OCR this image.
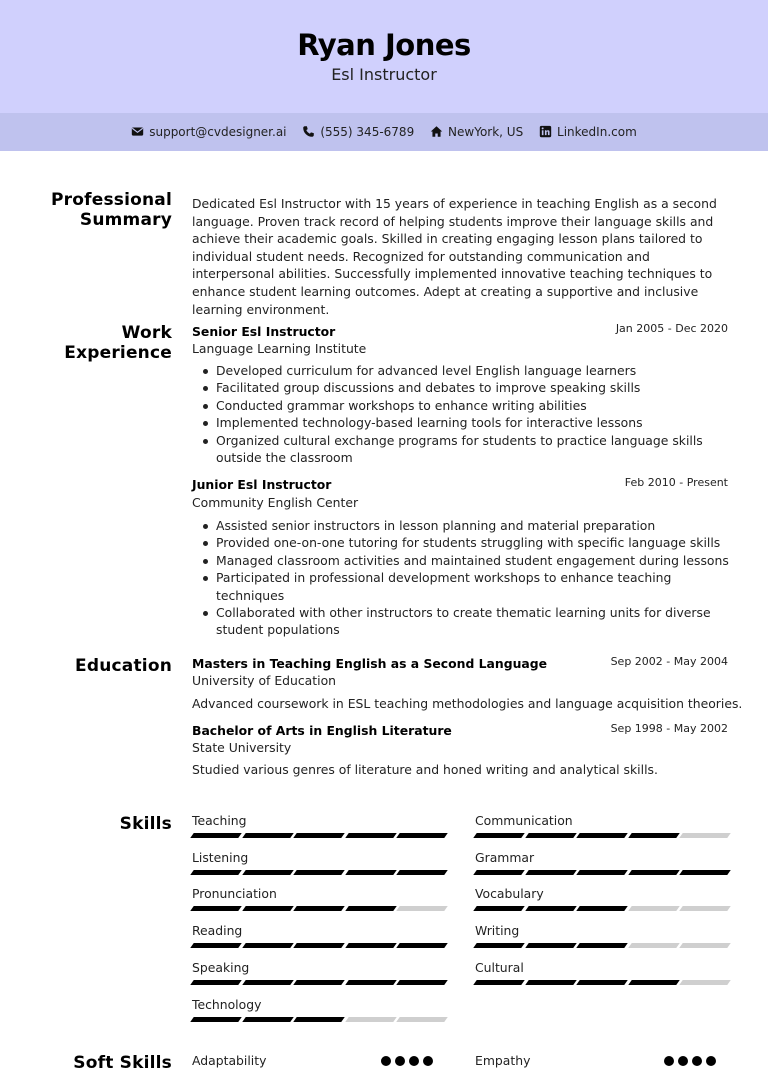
Ryan Jones
Esl Instructor
support@cvdesigner.ai	(555) 345-6789	NewYork, US	LinkedIn.com
Professional Summary

Dedicated Esl Instructor with 15 years of experience in teaching English as a second language. Proven track record of helping students improve their language skills and achieve their academic goals. Skilled in creating engaging lesson plans tailored to individual student needs. Recognized for outstanding communication and interpersonal abilities. Successfully implemented innovative teaching techniques to enhance student learning outcomes. Adept at creating a supportive and inclusive learning environment.

Work Experience
Senior Esl Instructor	Jan 2005 - Dec 2020
Language Learning Institute
Developed curriculum for advanced level English language learners
Facilitated group discussions and debates to improve speaking skills
Conducted grammar workshops to enhance writing abilities
Implemented technology-based learning tools for interactive lessons
Organized cultural exchange programs for students to practice language skills outside the classroom
Junior Esl Instructor	Feb 2010 - Present
Community English Center
Assisted senior instructors in lesson planning and material preparation
Provided one-on-one tutoring for students struggling with specific language skills
Managed classroom activities and maintained student engagement during lessons
Participated in professional development workshops to enhance teaching techniques
Collaborated with other instructors to create thematic learning units for diverse student populations
Education Masters in Teaching English as a Second Language	Sep 2002 - May 2004
University of Education
Advanced coursework in ESL teaching methodologies and language acquisition theories.
Bachelor of Arts in English Literature	Sep 1998 - May 2002
State University
Studied various genres of literature and honed writing and analytical skills.
Skills Teaching	Communication
Listening	Grammar
Pronunciation	Vocabulary
Reading	Writing
Speaking	Cultural
Technology
Soft Skills Adaptability	Empathy
